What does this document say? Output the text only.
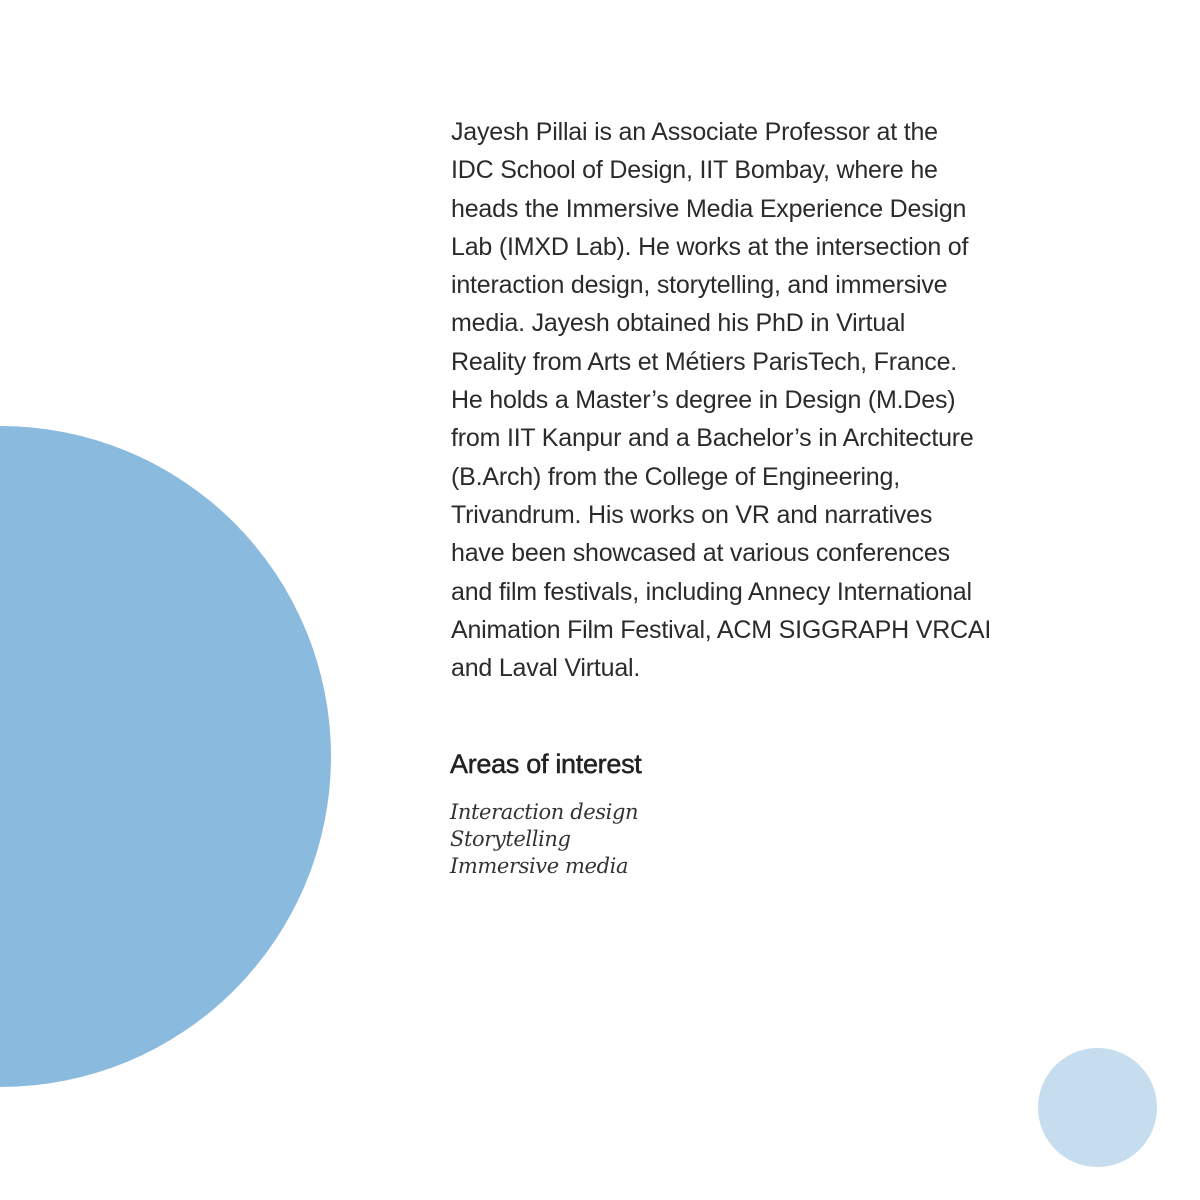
Jayesh Pillai is an Associate Professor at the
IDC School of Design, IIT Bombay, where he
heads the Immersive Media Experience Design
Lab (IMXD Lab). He works at the intersection of
interaction design, storytelling, and immersive
media. Jayesh obtained his PhD in Virtual
Reality from Arts et Métiers ParisTech, France.
He holds a Master’s degree in Design (M.Des)
from IIT Kanpur and a Bachelor’s in Architecture
(B.Arch) from the College of Engineering,
Trivandrum. His works on VR and narratives
have been showcased at various conferences
and film festivals, including Annecy International
Animation Film Festival, ACM SIGGRAPH VRCAI
and Laval Virtual.

Areas of interest
Interaction design
Storytelling
Immersive media
